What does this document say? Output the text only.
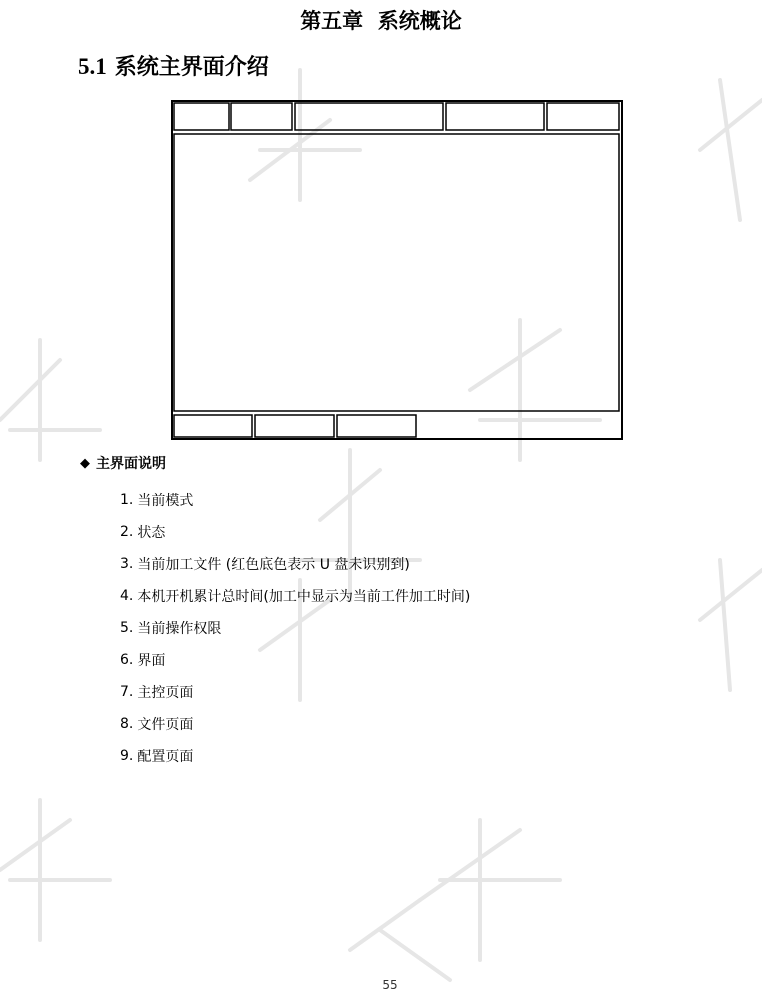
第五章  系统概论
5.1 系统主界面介绍
◆ 主界面说明
1. 当前模式
2. 状态
3. 当前加工文件 (红色底色表示 U 盘未识别到)
4. 本机开机累计总时间(加工中显示为当前工件加工时间)
5. 当前操作权限
6. 界面
7. 主控页面
8. 文件页面
9. 配置页面
55
